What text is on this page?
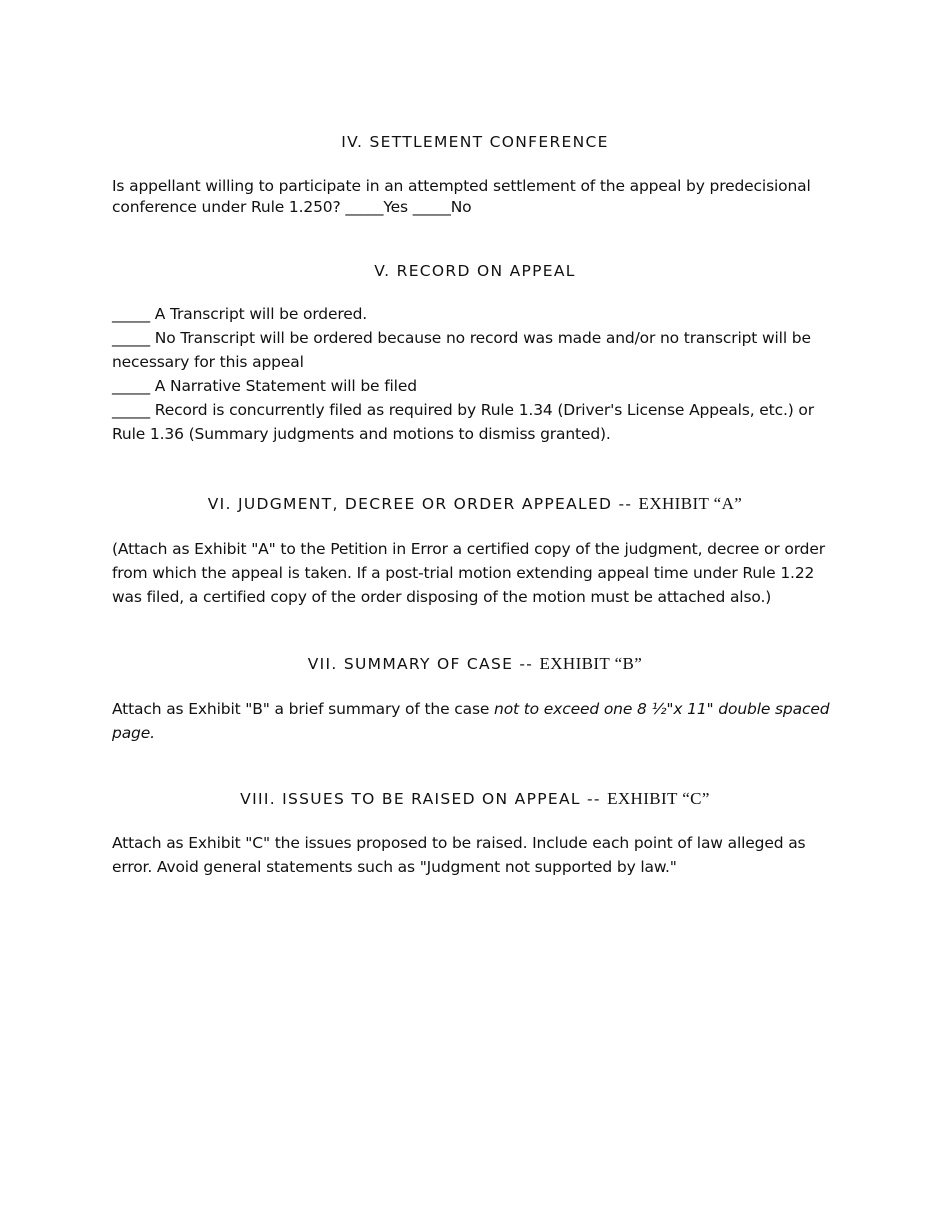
IV. SETTLEMENT CONFERENCE
Is appellant willing to participate in an attempted settlement of the appeal by predecisional
conference under Rule 1.250? _____Yes _____No
V. RECORD ON APPEAL
_____ A Transcript will be ordered.
_____ No Transcript will be ordered because no record was made and/or no transcript will be
necessary for this appeal
_____ A Narrative Statement will be filed
_____ Record is concurrently filed as required by Rule 1.34 (Driver's License Appeals, etc.) or
Rule 1.36 (Summary judgments and motions to dismiss granted).
VI. JUDGMENT, DECREE OR ORDER APPEALED -- EXHIBIT “A”
(Attach as Exhibit "A" to the Petition in Error a certified copy of the judgment, decree or order
from which the appeal is taken. If a post-trial motion extending appeal time under Rule 1.22
was filed, a certified copy of the order disposing of the motion must be attached also.)
VII. SUMMARY OF CASE -- EXHIBIT “B”
Attach as Exhibit "B" a brief summary of the case not to exceed one 8 ½"x 11" double spaced
page.
VIII. ISSUES TO BE RAISED ON APPEAL -- EXHIBIT “C”
Attach as Exhibit "C" the issues proposed to be raised. Include each point of law alleged as
error. Avoid general statements such as "Judgment not supported by law."
